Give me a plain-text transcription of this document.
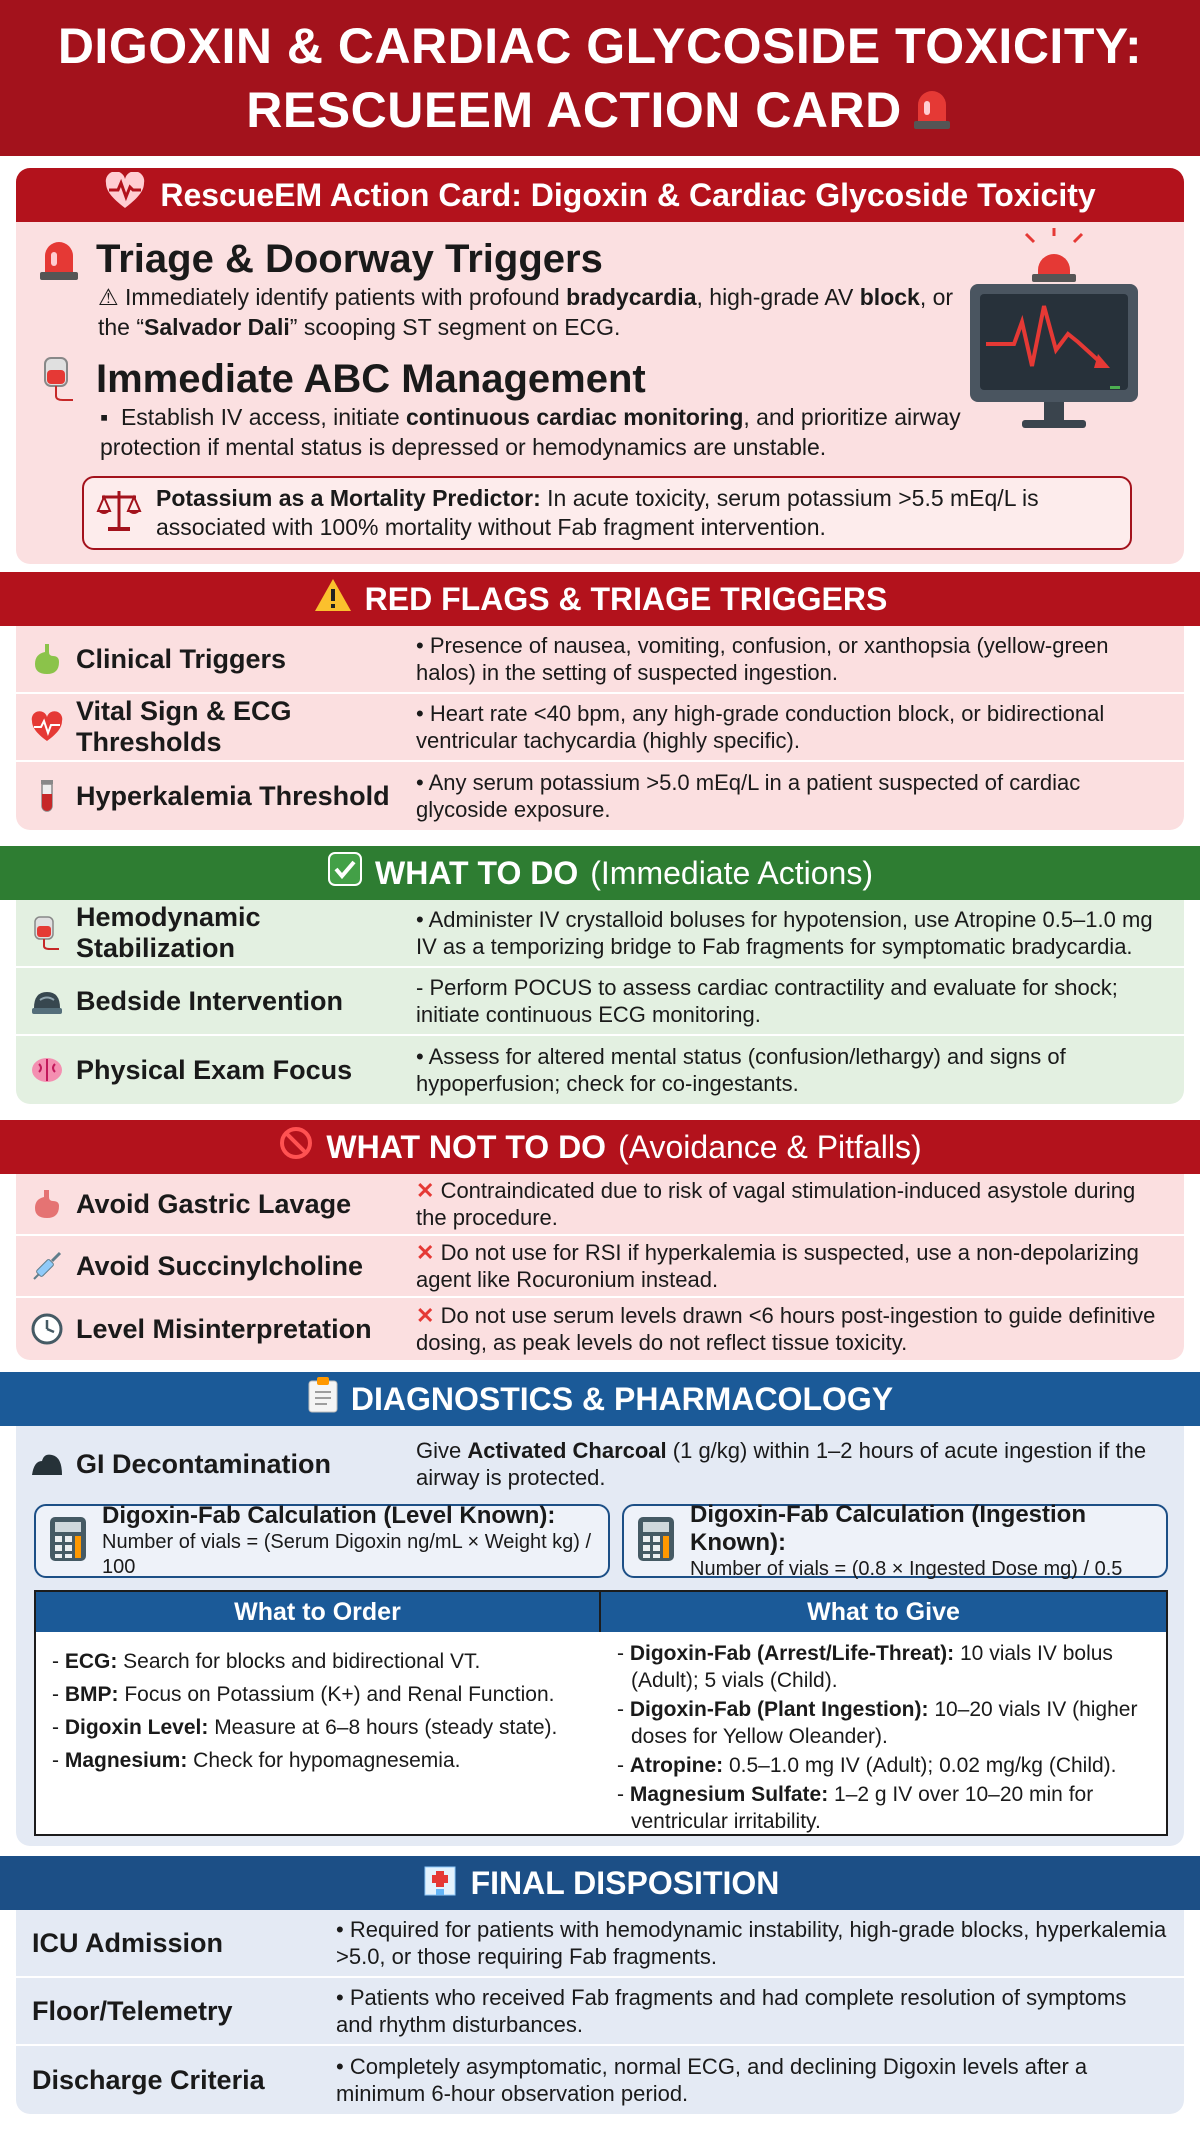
DIGOXIN & CARDIAC GLYCOSIDE TOXICITY:
RESCUEEM ACTION CARD
RescueEM Action Card: Digoxin & Cardiac Glycoside Toxicity
Triage & Doorway Triggers
⚠ Immediately identify patients with profound bradycardia, high-grade AV block, or the “Salvador Dali” scooping ST segment on ECG.
Immediate ABC Management
▪  Establish IV access, initiate continuous cardiac monitoring, and prioritize airway protection if mental status is depressed or hemodynamics are unstable.
Potassium as a Mortality Predictor: In acute toxicity, serum potassium >5.5 mEq/L is associated with 100% mortality without Fab fragment intervention.
RED FLAGS & TRIAGE TRIGGERS
Clinical Triggers	• Presence of nausea, vomiting, confusion, or xanthopsia (yellow-green halos) in the setting of suspected ingestion.
Vital Sign & ECG Thresholds
• Heart rate <40 bpm, any high-grade conduction block, or bidirectional ventricular tachycardia (highly specific).
Hyperkalemia Threshold • Any serum potassium >5.0 mEq/L in a patient suspected of cardiac glycoside exposure.
WHAT TO DO (Immediate Actions)
Hemodynamic Stabilization
• Administer IV crystalloid boluses for hypotension, use Atropine 0.5–1.0 mg IV as a temporizing bridge to Fab fragments for symptomatic bradycardia.
Bedside Intervention	- Perform POCUS to assess cardiac contractility and evaluate for shock; initiate continuous ECG monitoring.
Physical Exam Focus	• Assess for altered mental status (confusion/lethargy) and signs of hypoperfusion; check for co-ingestants.
WHAT NOT TO DO (Avoidance & Pitfalls)
Avoid Gastric Lavage	✕ Contraindicated due to risk of vagal stimulation-induced asystole during the procedure.
Avoid Succinylcholine ✕ Do not use for RSI if hyperkalemia is suspected, use a non-depolarizing agent like Rocuronium instead.
Level Misinterpretation ✕ Do not use serum levels drawn <6 hours post-ingestion to guide definitive dosing, as peak levels do not reflect tissue toxicity.
DIAGNOSTICS & PHARMACOLOGY
GI Decontamination	Give Activated Charcoal (1 g/kg) within 1–2 hours of acute ingestion if the airway is protected.
Digoxin-Fab Calculation (Level Known):
Number of vials = (Serum Digoxin ng/mL × Weight kg) / 100
Digoxin-Fab Calculation (Ingestion Known):
Number of vials = (0.8 × Ingested Dose mg) / 0.5
What to Order	What to Give
- ECG: Search for blocks and bidirectional VT.
- BMP: Focus on Potassium (K+) and Renal Function.
- Digoxin Level: Measure at 6–8 hours (steady state).
- Magnesium: Check for hypomagnesemia.
- Digoxin-Fab (Arrest/Life-Threat): 10 vials IV bolus (Adult); 5 vials (Child).
- Digoxin-Fab (Plant Ingestion): 10–20 vials IV (higher doses for Yellow Oleander).
- Atropine: 0.5–1.0 mg IV (Adult); 0.02 mg/kg (Child).
- Magnesium Sulfate: 1–2 g IV over 10–20 min for ventricular irritability.
FINAL DISPOSITION
ICU Admission	• Required for patients with hemodynamic instability, high-grade blocks, hyperkalemia >5.0, or those requiring Fab fragments.
Floor/Telemetry	• Patients who received Fab fragments and had complete resolution of symptoms and rhythm disturbances.
Discharge Criteria	• Completely asymptomatic, normal ECG, and declining Digoxin levels after a minimum 6-hour observation period.
